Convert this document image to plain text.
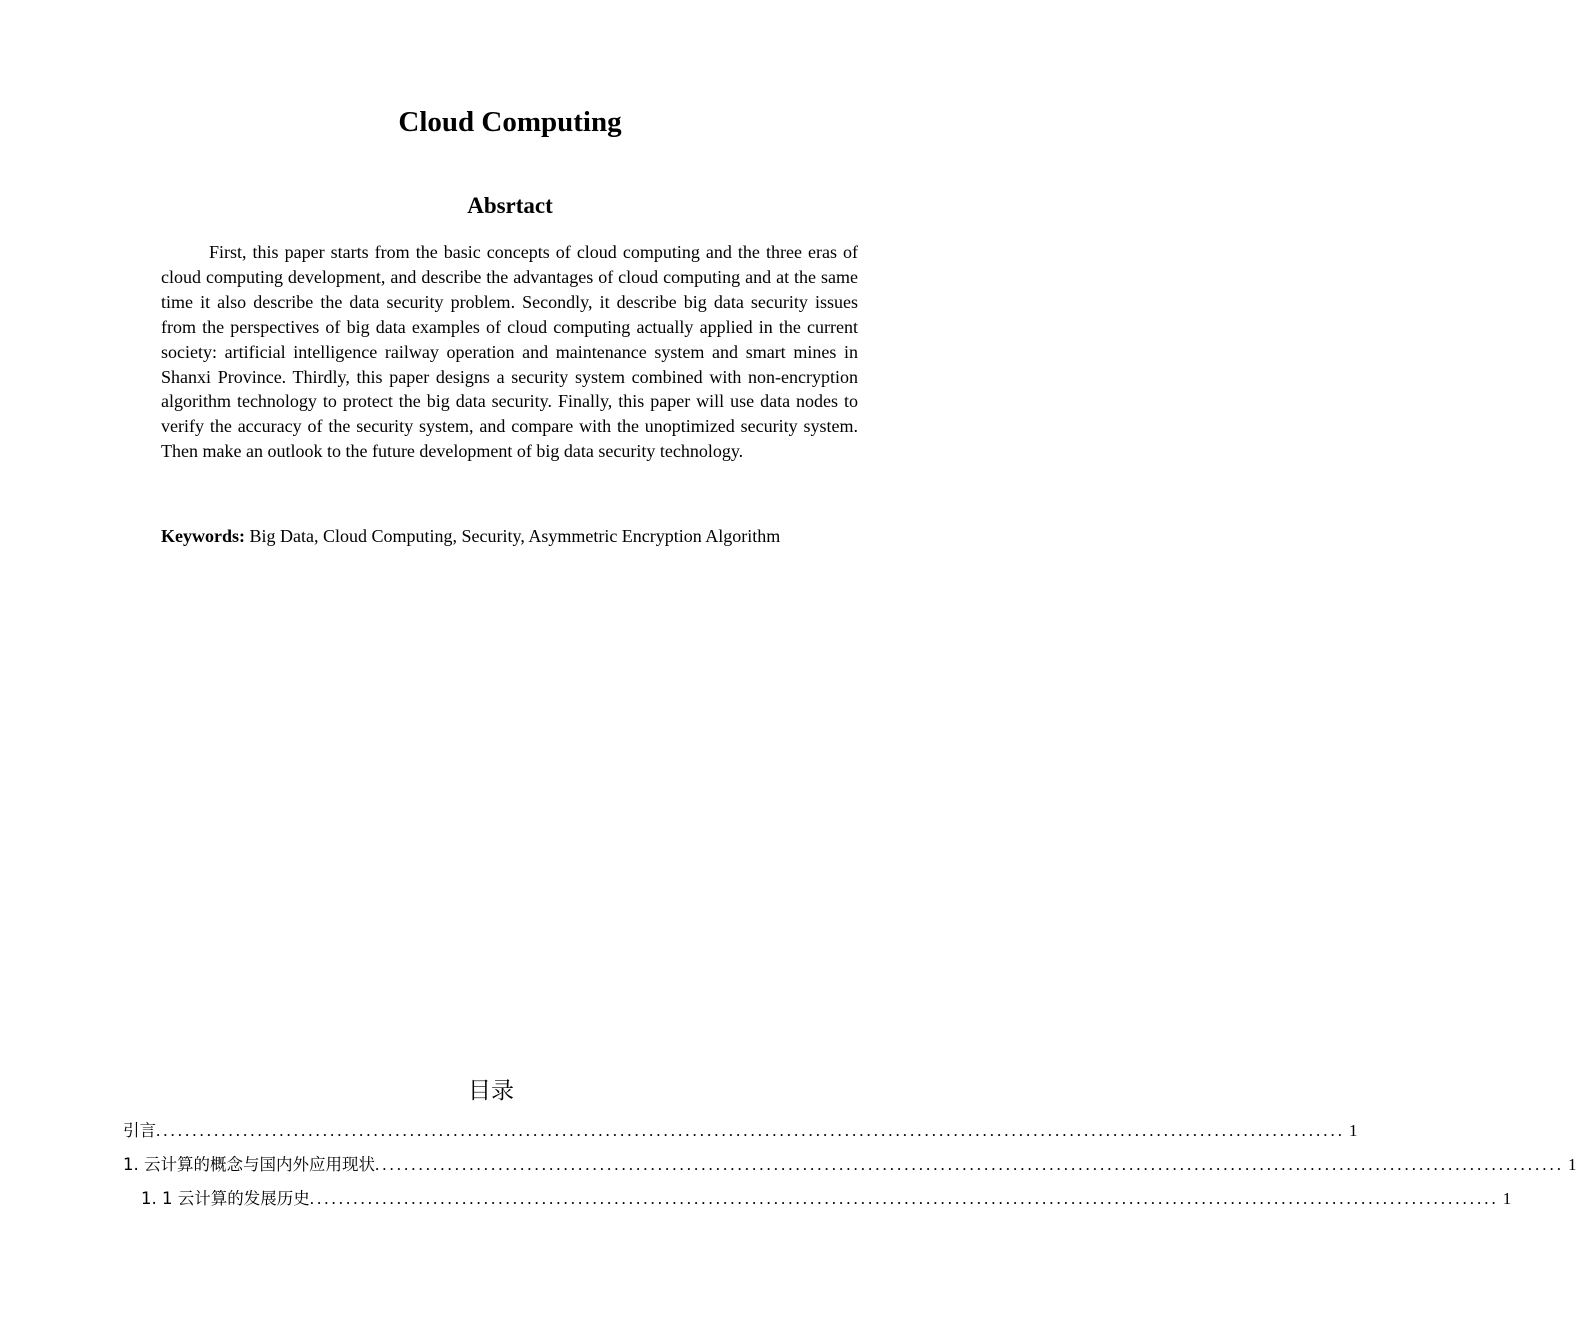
Cloud Computing
Absrtact

First, this paper starts from the basic concepts of cloud computing and the three eras of cloud computing development, and describe the advantages of cloud computing and at the same time it also describe the data security problem. Secondly, it describe big data security issues from the perspectives of big data examples of cloud computing actually applied in the current society: artificial intelligence railway operation and maintenance system and smart mines in Shanxi Province. Thirdly, this paper designs a security system combined with non-encryption algorithm technology to protect the big data security. Finally, this paper will use data nodes to verify the accuracy of the security system, and compare with the unoptimized security system. Then make an outlook to the future development of big data security technology.

Keywords: Big Data, Cloud Computing, Security, Asymmetric Encryption Algorithm
目录
引言 .................................................................................................................................................................... 1
1. 云计算的概念与国内外应用现状 .................................................................................................................................................................... 1
1. 1 云计算的发展历史 .................................................................................................................................................................... 1
